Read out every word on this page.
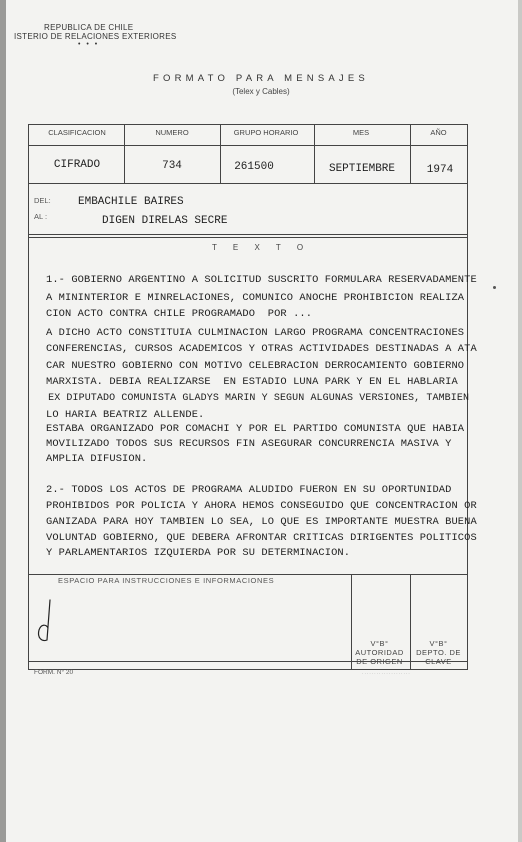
REPUBLICA DE CHILE
ISTERIO DE RELACIONES EXTERIORES
• • •
FORMATO PARA MENSAJES
(Telex y Cables)
CLASIFICACION	NUMERO	GRUPO HORARIO	MES	AÑO
CIFRADO	734	261500	SEPTIEMBRE	1974
DEL: EMBACHILE BAIRES
AL :	DIGEN DIRELAS SECRE
T E X T O
1.- GOBIERNO ARGENTINO A SOLICITUD SUSCRITO FORMULARA RESERVADAMENTE
A MININTERIOR E MINRELACIONES, COMUNICO ANOCHE PROHIBICION REALIZA
CION ACTO CONTRA CHILE PROGRAMADO  POR ...
A DICHO ACTO CONSTITUIA CULMINACION LARGO PROGRAMA CONCENTRACIONES
CONFERENCIAS, CURSOS ACADEMICOS Y OTRAS ACTIVIDADES DESTINADAS A ATA
CAR NUESTRO GOBIERNO CON MOTIVO CELEBRACION DERROCAMIENTO GOBIERNO
MARXISTA. DEBIA REALIZARSE  EN ESTADIO LUNA PARK Y EN EL HABLARIA
EX DIPUTADO COMUNISTA GLADYS MARIN Y SEGUN ALGUNAS VERSIONES, TAMBIEN
LO HARIA BEATRIZ ALLENDE.
ESTABA ORGANIZADO POR COMACHI Y POR EL PARTIDO COMUNISTA QUE HABIA
MOVILIZADO TODOS SUS RECURSOS FIN ASEGURAR CONCURRENCIA MASIVA Y
AMPLIA DIFUSION.
2.- TODOS LOS ACTOS DE PROGRAMA ALUDIDO FUERON EN SU OPORTUNIDAD
PROHIBIDOS POR POLICIA Y AHORA HEMOS CONSEGUIDO QUE CONCENTRACION OR
GANIZADA PARA HOY TAMBIEN LO SEA, LO QUE ES IMPORTANTE MUESTRA BUENA
VOLUNTAD GOBIERNO, QUE DEBERA AFRONTAR CRITICAS DIRIGENTES POLITICOS
Y PARLAMENTARIOS IZQUIERDA POR SU DETERMINACION.
ESPACIO PARA INSTRUCCIONES E INFORMACIONES
V°B°
AUTORIDAD
DE ORIGEN
V°B°
DEPTO. DE
CLAVE
FORM. N° 20	· · · · · · · · · · · · · · · · · · · ·
